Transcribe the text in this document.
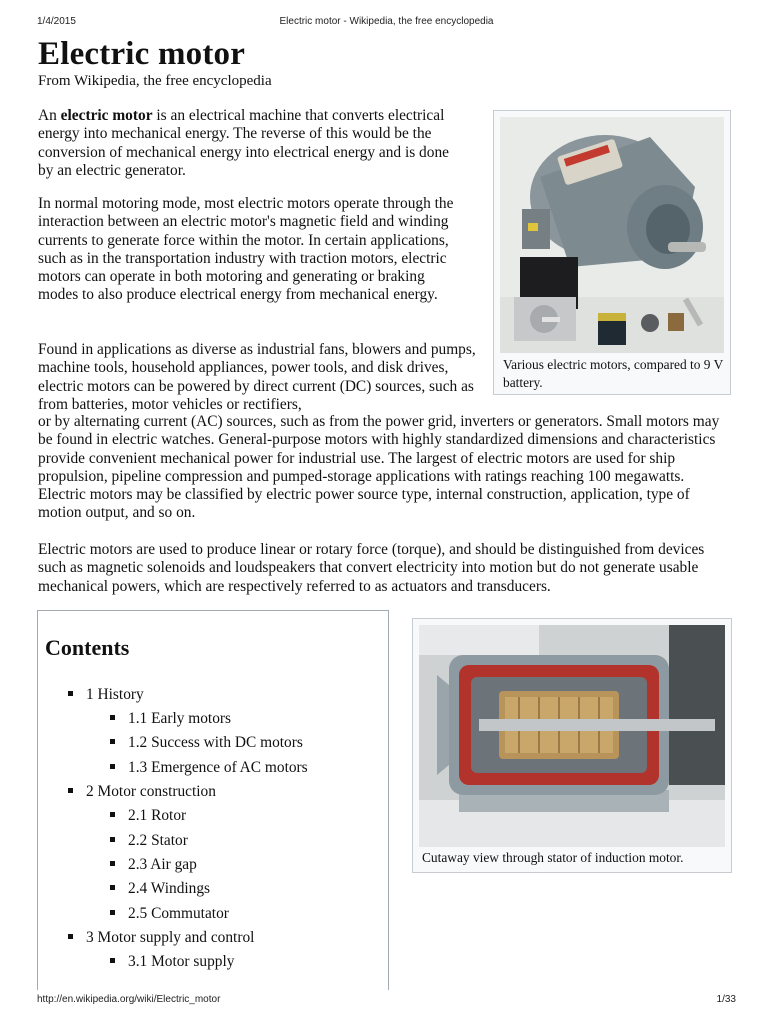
1/4/2015	Electric motor - Wikipedia, the free encyclopedia
Electric motor
From Wikipedia, the free encyclopedia

An electric motor is an electrical machine that converts electrical energy into mechanical energy. The reverse of this would be the conversion of mechanical energy into electrical energy and is done by an electric generator.

In normal motoring mode, most electric motors operate through the interaction between an electric motor's magnetic field and winding currents to generate force within the motor. In certain applications, such as in the transportation industry with traction motors, electric motors can operate in both motoring and generating or braking modes to also produce electrical energy from mechanical energy.

Found in applications as diverse as industrial fans, blowers and pumps, machine tools, household appliances, power tools, and disk drives, electric motors can be powered by direct current (DC) sources, such as from batteries, motor vehicles or rectifiers,

or by alternating current (AC) sources, such as from the power grid, inverters or generators. Small motors may be found in electric watches. General-purpose motors with highly standardized dimensions and characteristics provide convenient mechanical power for industrial use. The largest of electric motors are used for ship propulsion, pipeline compression and pumped-storage applications with ratings reaching 100 megawatts. Electric motors may be classified by electric power source type, internal construction, application, type of motion output, and so on.

Electric motors are used to produce linear or rotary force (torque), and should be distinguished from devices such as magnetic solenoids and loudspeakers that convert electricity into motion but do not generate usable mechanical powers, which are respectively referred to as actuators and transducers.

Various electric motors, compared to 9 V battery.
Contents
1 History
1.1 Early motors
1.2 Success with DC motors
1.3 Emergence of AC motors
2 Motor construction
2.1 Rotor
2.2 Stator
2.3 Air gap
2.4 Windings
2.5 Commutator
3 Motor supply and control
3.1 Motor supply
Cutaway view through stator of induction motor.
http://en.wikipedia.org/wiki/Electric_motor	1/33
